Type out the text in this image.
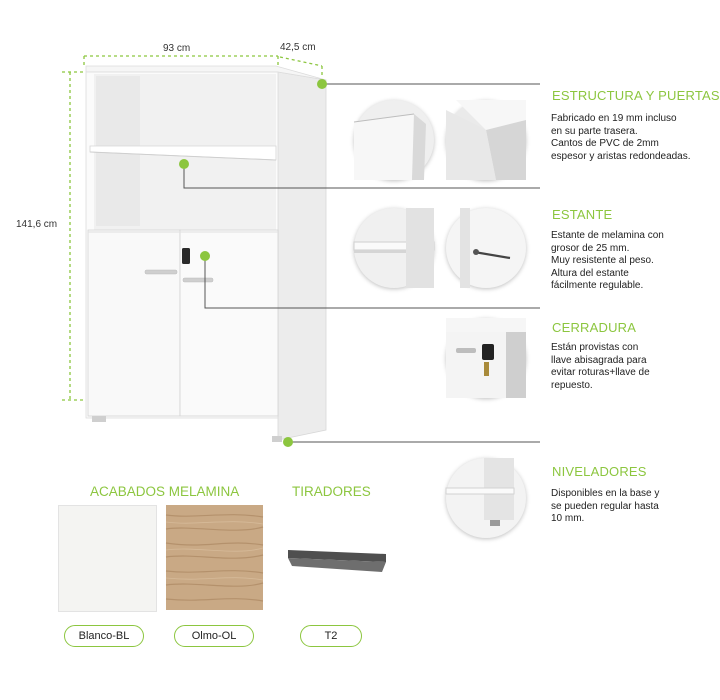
93 cm	42,5 cm
141,6 cm
ESTRUCTURA Y PUERTAS
Fabricado en 19 mm incluso
en su parte trasera.
Cantos de PVC de 2mm
espesor y aristas redondeadas.
ESTANTE
Estante de melamina con
grosor de 25 mm.
Muy resistente al peso.
Altura del estante
fácilmente regulable.
CERRADURA
Están provistas con
llave abisagrada para
evitar roturas+llave de
repuesto.
NIVELADORES
Disponibles en la base y
se pueden regular hasta
10 mm.
ACABADOS MELAMINA	TIRADORES
Blanco-BL	Olmo-OL	T2
